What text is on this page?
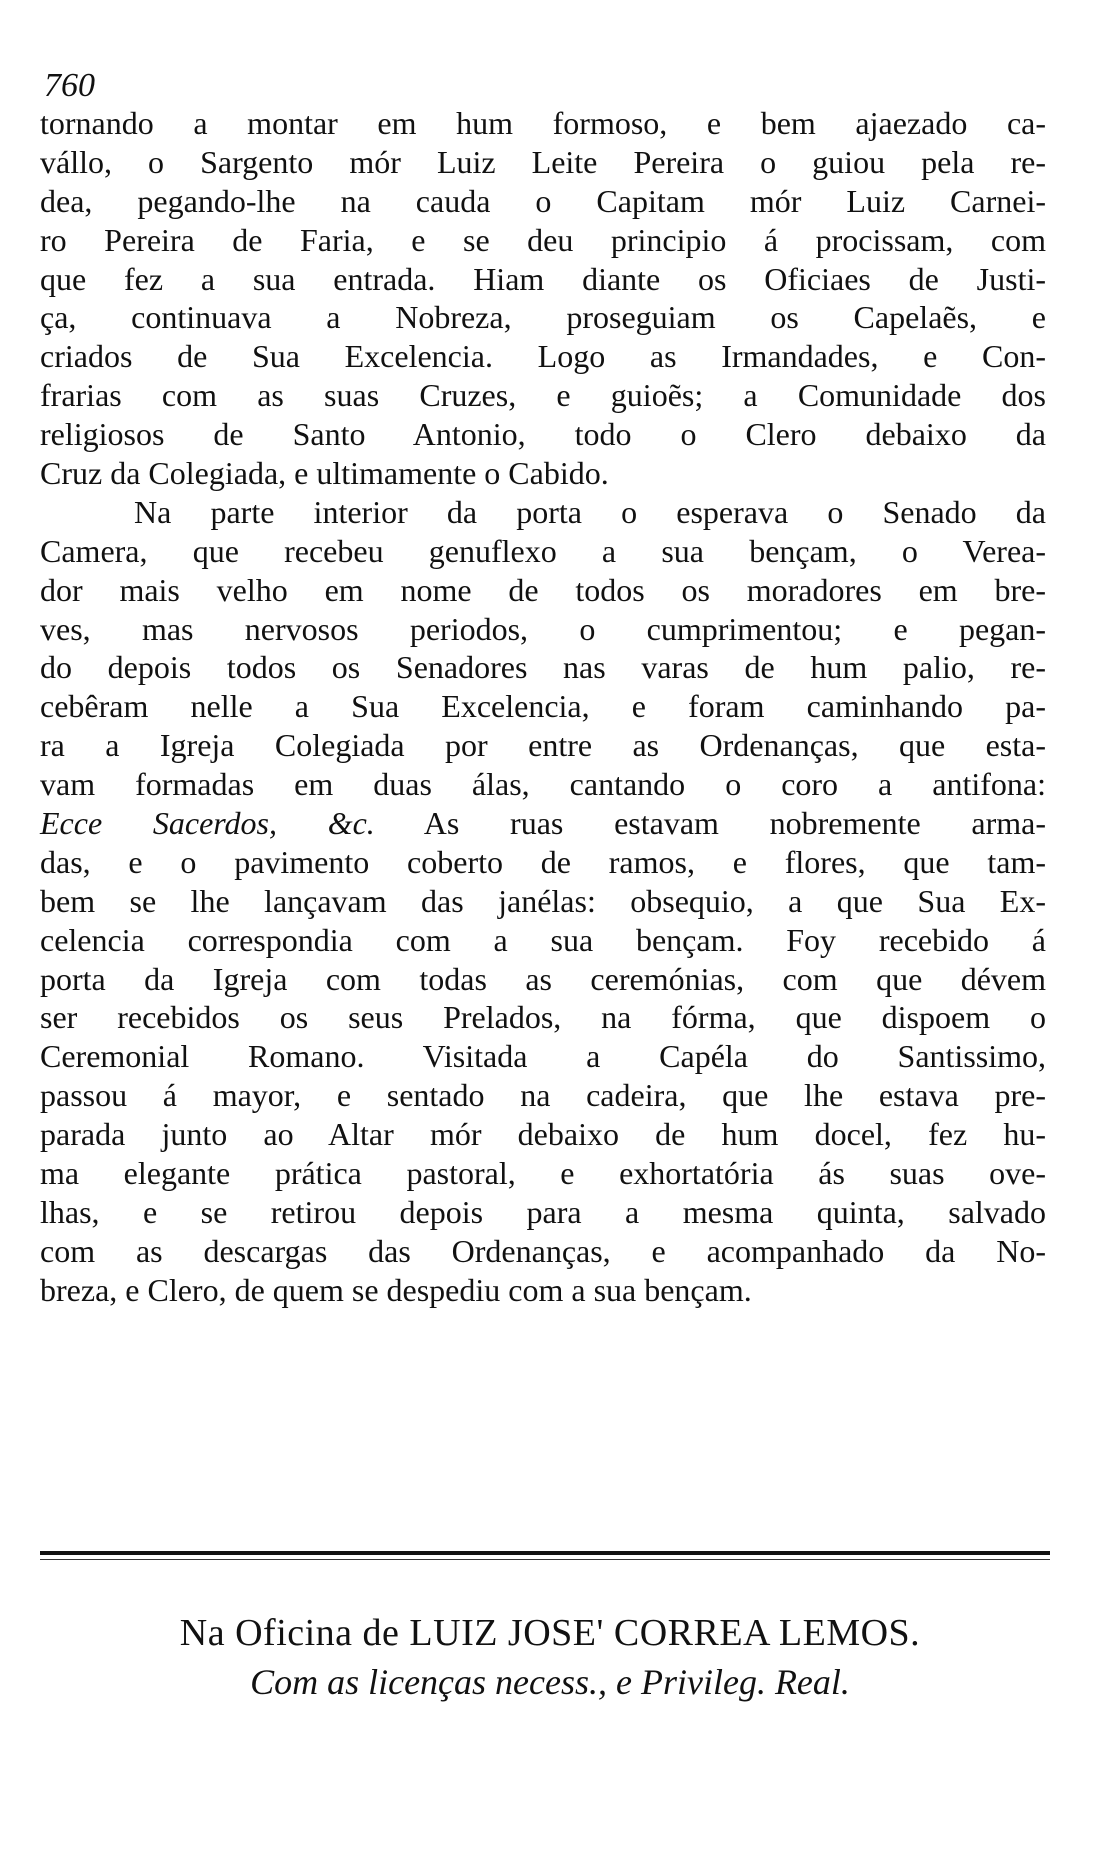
760
tornando a montar em hum formoso, e bem ajaezado ca-
vállo, o Sargento mór Luiz Leite Pereira o guiou pela re-
dea, pegando-lhe na cauda o Capitam mór Luiz Carnei-
ro Pereira de Faria, e se deu principio á procissam, com
que fez a sua entrada. Hiam diante os Oficiaes de Justi-
ça, continuava a Nobreza, proseguiam os Capelaẽs, e
criados de Sua Excelencia. Logo as Irmandades, e Con-
frarias com as suas Cruzes, e guioẽs; a Comunidade dos
religiosos de Santo Antonio, todo o Clero debaixo da
Cruz da Colegiada, e ultimamente o Cabido.
Na parte interior da porta o esperava o Senado da
Camera, que recebeu genuflexo a sua bençam, o Verea-
dor mais velho em nome de todos os moradores em bre-
ves, mas nervosos periodos, o cumprimentou; e pegan-
do depois todos os Senadores nas varas de hum palio, re-
cebêram nelle a Sua Excelencia, e foram caminhando pa-
ra a Igreja Colegiada por entre as Ordenanças, que esta-
vam formadas em duas álas, cantando o coro a antifona:
Ecce Sacerdos, &c. As ruas estavam nobremente arma-
das, e o pavimento coberto de ramos, e flores, que tam-
bem se lhe lançavam das janélas: obsequio, a que Sua Ex-
celencia correspondia com a sua bençam. Foy recebido á
porta da Igreja com todas as ceremónias, com que dévem
ser recebidos os seus Prelados, na fórma, que dispoem o
Ceremonial Romano. Visitada a Capéla do Santissimo,
passou á mayor, e sentado na cadeira, que lhe estava pre-
parada junto ao Altar mór debaixo de hum docel, fez hu-
ma elegante prática pastoral, e exhortatória ás suas ove-
lhas, e se retirou depois para a mesma quinta, salvado
com as descargas das Ordenanças, e acompanhado da No-
breza, e Clero, de quem se despediu com a sua bençam.
Na Oficina de LUIZ JOSE' CORREA LEMOS.
Com as licenças necess., e Privileg. Real.
